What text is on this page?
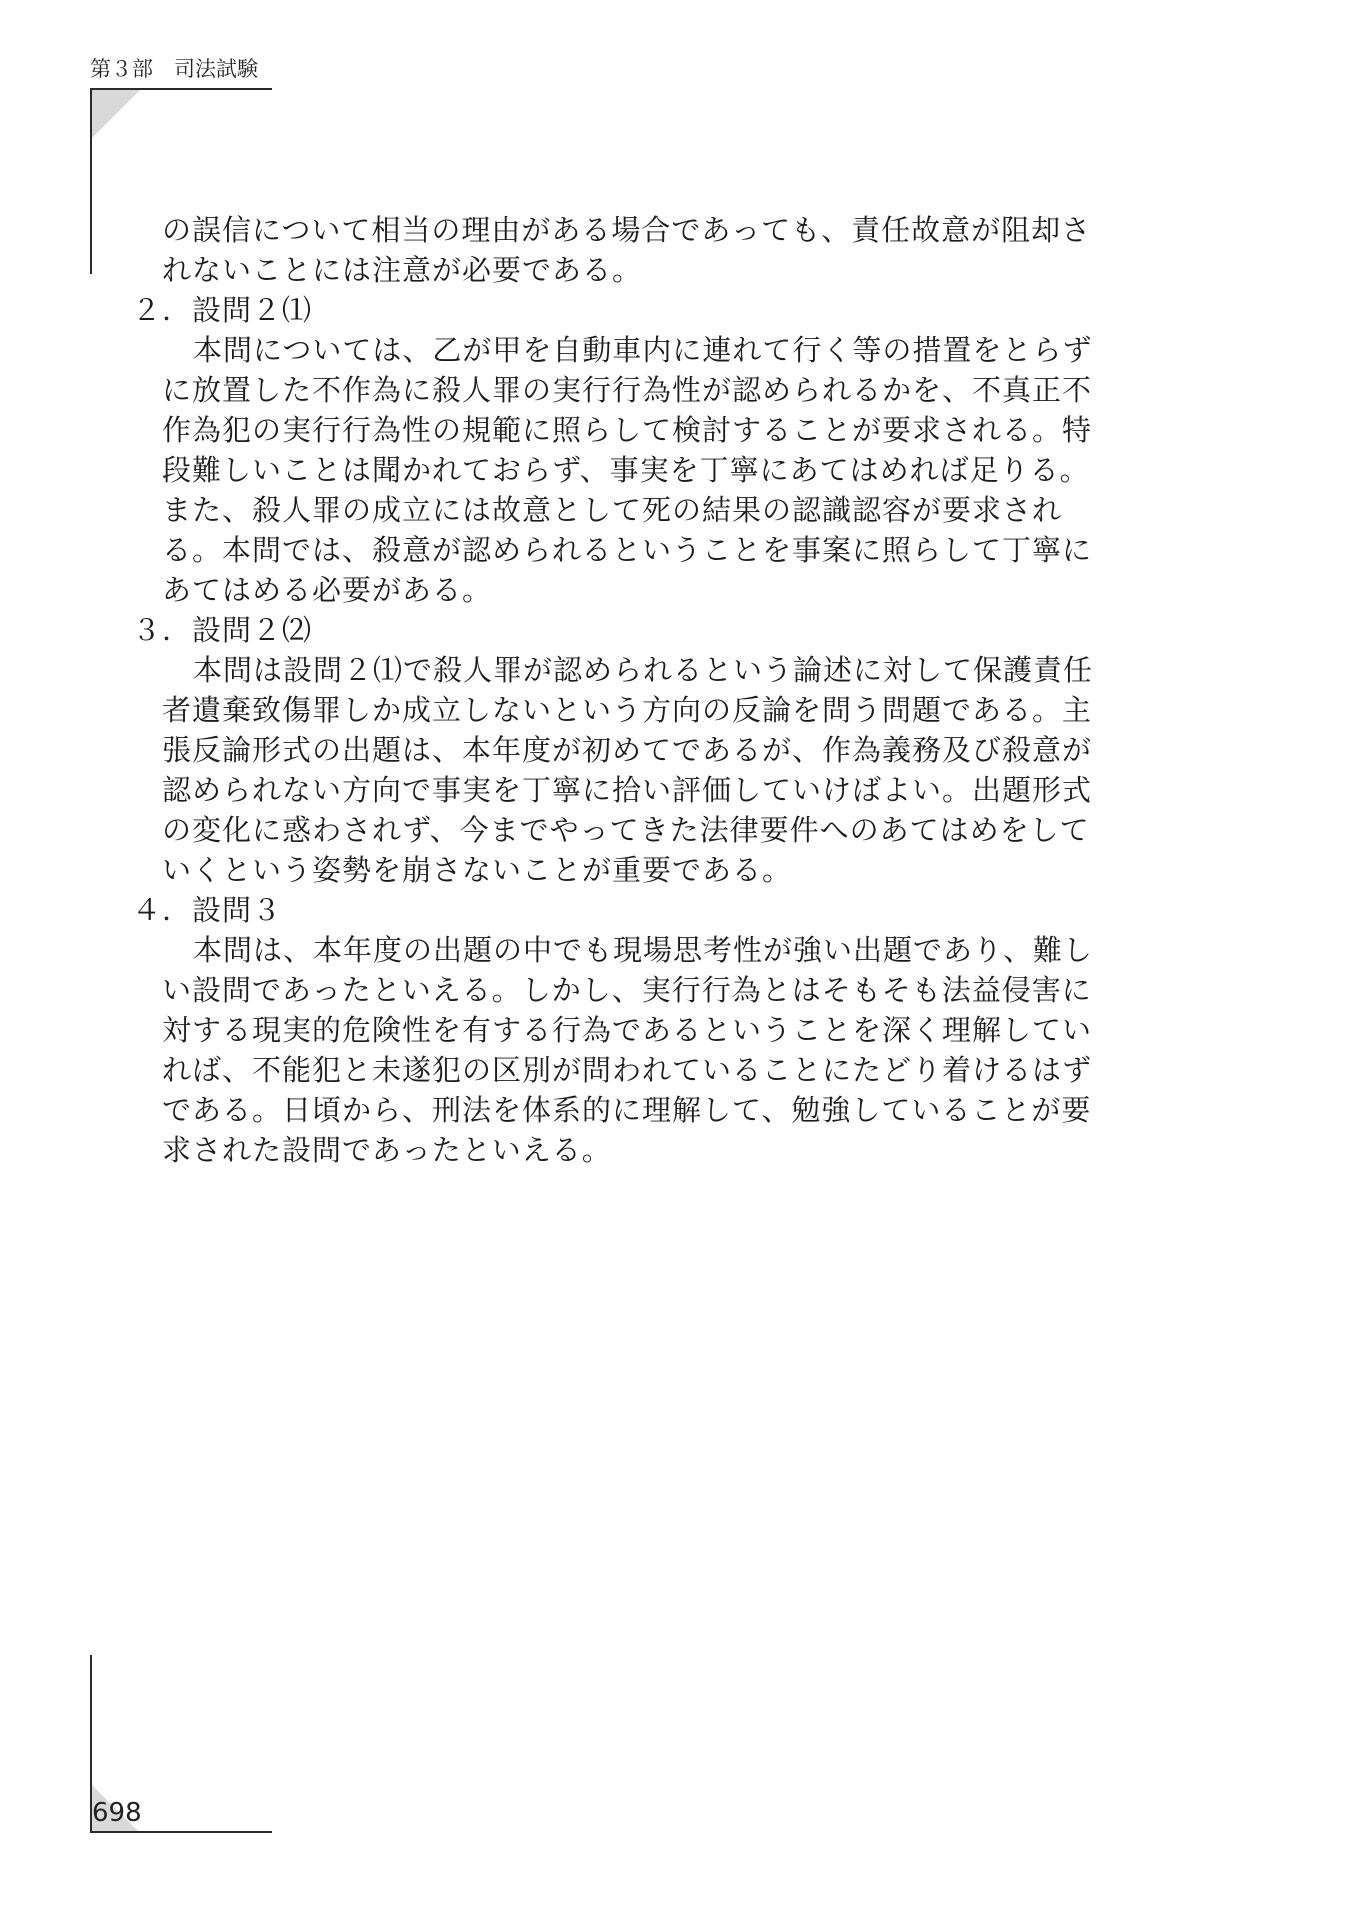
第３部　司法試験
の誤信について相当の理由がある場合であっても、責任故意が阻却さ
れないことには注意が必要である。
２．設問２⑴
本問については、乙が甲を自動車内に連れて行く等の措置をとらず
に放置した不作為に殺人罪の実行行為性が認められるかを、不真正不
作為犯の実行行為性の規範に照らして検討することが要求される。特
段難しいことは聞かれておらず、事実を丁寧にあてはめれば足りる。
また、殺人罪の成立には故意として死の結果の認識認容が要求され
る。本問では、殺意が認められるということを事案に照らして丁寧に
あてはめる必要がある。
３．設問２⑵
本問は設問２⑴で殺人罪が認められるという論述に対して保護責任
者遺棄致傷罪しか成立しないという方向の反論を問う問題である。主
張反論形式の出題は、本年度が初めてであるが、作為義務及び殺意が
認められない方向で事実を丁寧に拾い評価していけばよい。出題形式
の変化に惑わされず、今までやってきた法律要件へのあてはめをして
いくという姿勢を崩さないことが重要である。
４．設問３
本問は、本年度の出題の中でも現場思考性が強い出題であり、難し
い設問であったといえる。しかし、実行行為とはそもそも法益侵害に
対する現実的危険性を有する行為であるということを深く理解してい
れば、不能犯と未遂犯の区別が問われていることにたどり着けるはず
である。日頃から、刑法を体系的に理解して、勉強していることが要
求された設問であったといえる。
698
